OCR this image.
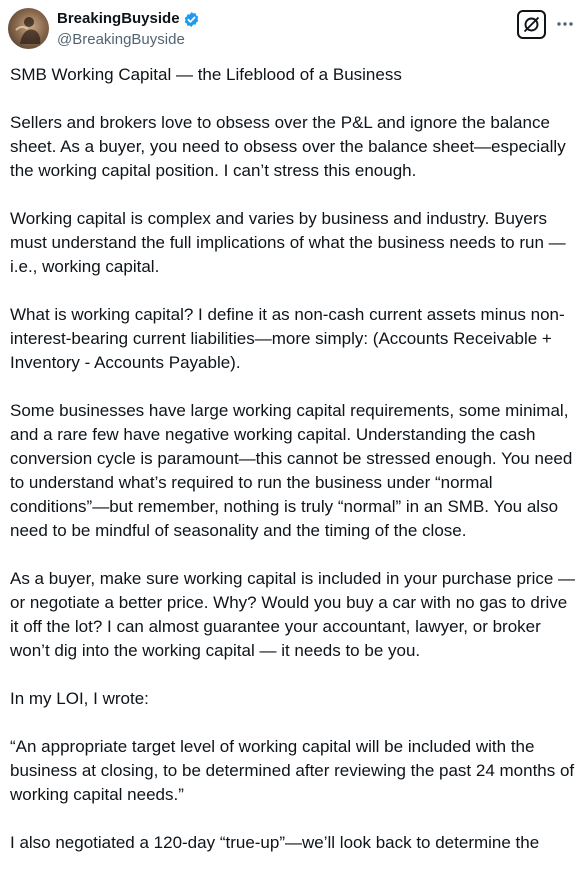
BreakingBuyside
@BreakingBuyside

SMB Working Capital — the Lifeblood of a Business

Sellers and brokers love to obsess over the P&L and ignore the balance sheet. As a buyer, you need to obsess over the balance sheet—especially the working capital position. I can’t stress this enough.

Working capital is complex and varies by business and industry. Buyers must understand the full implications of what the business needs to run —i.e., working capital.

What is working capital? I define it as non-cash current assets minus non-interest-bearing current liabilities—more simply: (Accounts Receivable + Inventory - Accounts Payable).

Some businesses have large working capital requirements, some minimal, and a rare few have negative working capital. Understanding the cash conversion cycle is paramount—this cannot be stressed enough. You need to understand what’s required to run the business under “normal conditions”—but remember, nothing is truly “normal” in an SMB. You also need to be mindful of seasonality and the timing of the close.

As a buyer, make sure working capital is included in your purchase price —or negotiate a better price. Why? Would you buy a car with no gas to drive it off the lot? I can almost guarantee your accountant, lawyer, or broker won’t dig into the working capital — it needs to be you.

In my LOI, I wrote:

“An appropriate target level of working capital will be included with the business at closing, to be determined after reviewing the past 24 months of working capital needs.”

I also negotiated a 120-day “true-up”—we’ll look back to determine the
